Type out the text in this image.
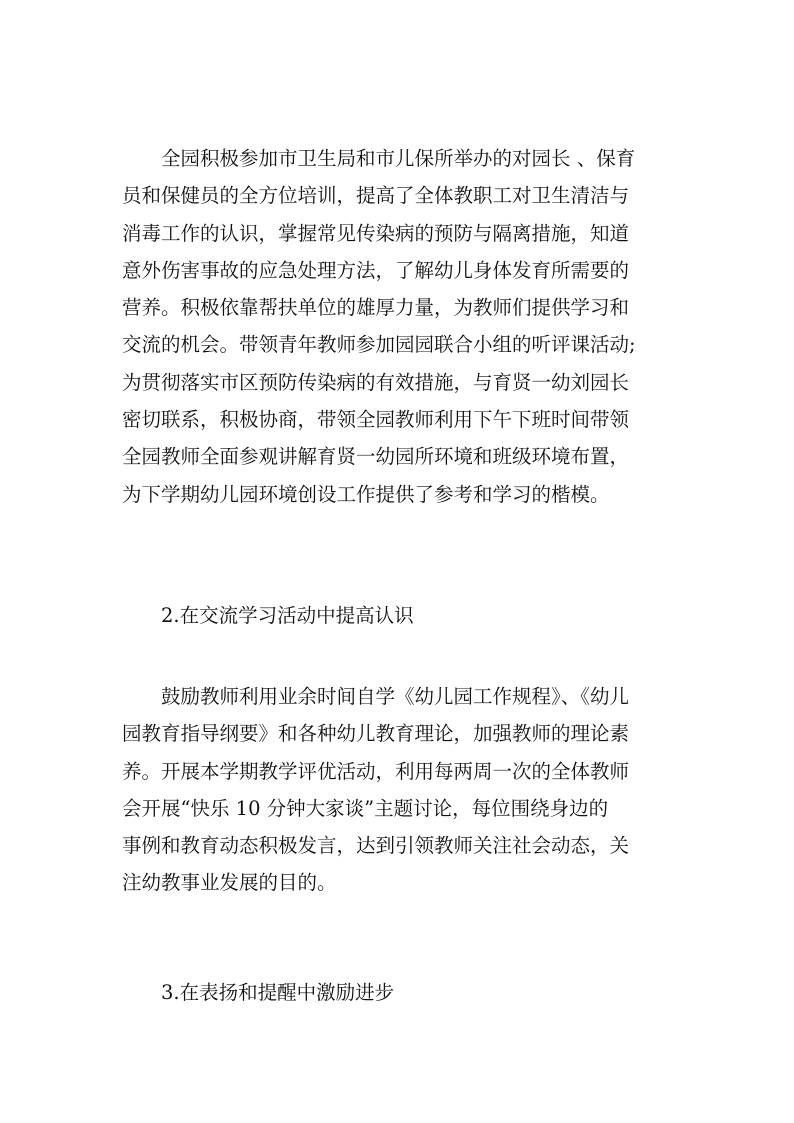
　　全园积极参加市卫生局和市儿保所举办的对园长 、保育
员和保健员的全方位培训，提高了全体教职工对卫生清洁与
消毒工作的认识，掌握常见传染病的预防与隔离措施，知道
意外伤害事故的应急处理方法，了解幼儿身体发育所需要的
营养。积极依靠帮扶单位的雄厚力量，为教师们提供学习和
交流的机会。带领青年教师参加园园联合小组的听评课活动;
为贯彻落实市区预防传染病的有效措施，与育贤一幼刘园长
密切联系，积极协商，带领全园教师利用下午下班时间带领
全园教师全面参观讲解育贤一幼园所环境和班级环境布置，
为下学期幼儿园环境创设工作提供了参考和学习的楷模。

2.在交流学习活动中提高认识

　　鼓励教师利用业余时间自学《幼儿园工作规程》、《幼儿
园教育指导纲要》和各种幼儿教育理论，加强教师的理论素
养。开展本学期教学评优活动，利用每两周一次的全体教师
会开展“快乐 10 分钟大家谈”主题讨论，每位围绕身边的
事例和教育动态积极发言，达到引领教师关注社会动态，关
注幼教事业发展的目的。

3.在表扬和提醒中激励进步
